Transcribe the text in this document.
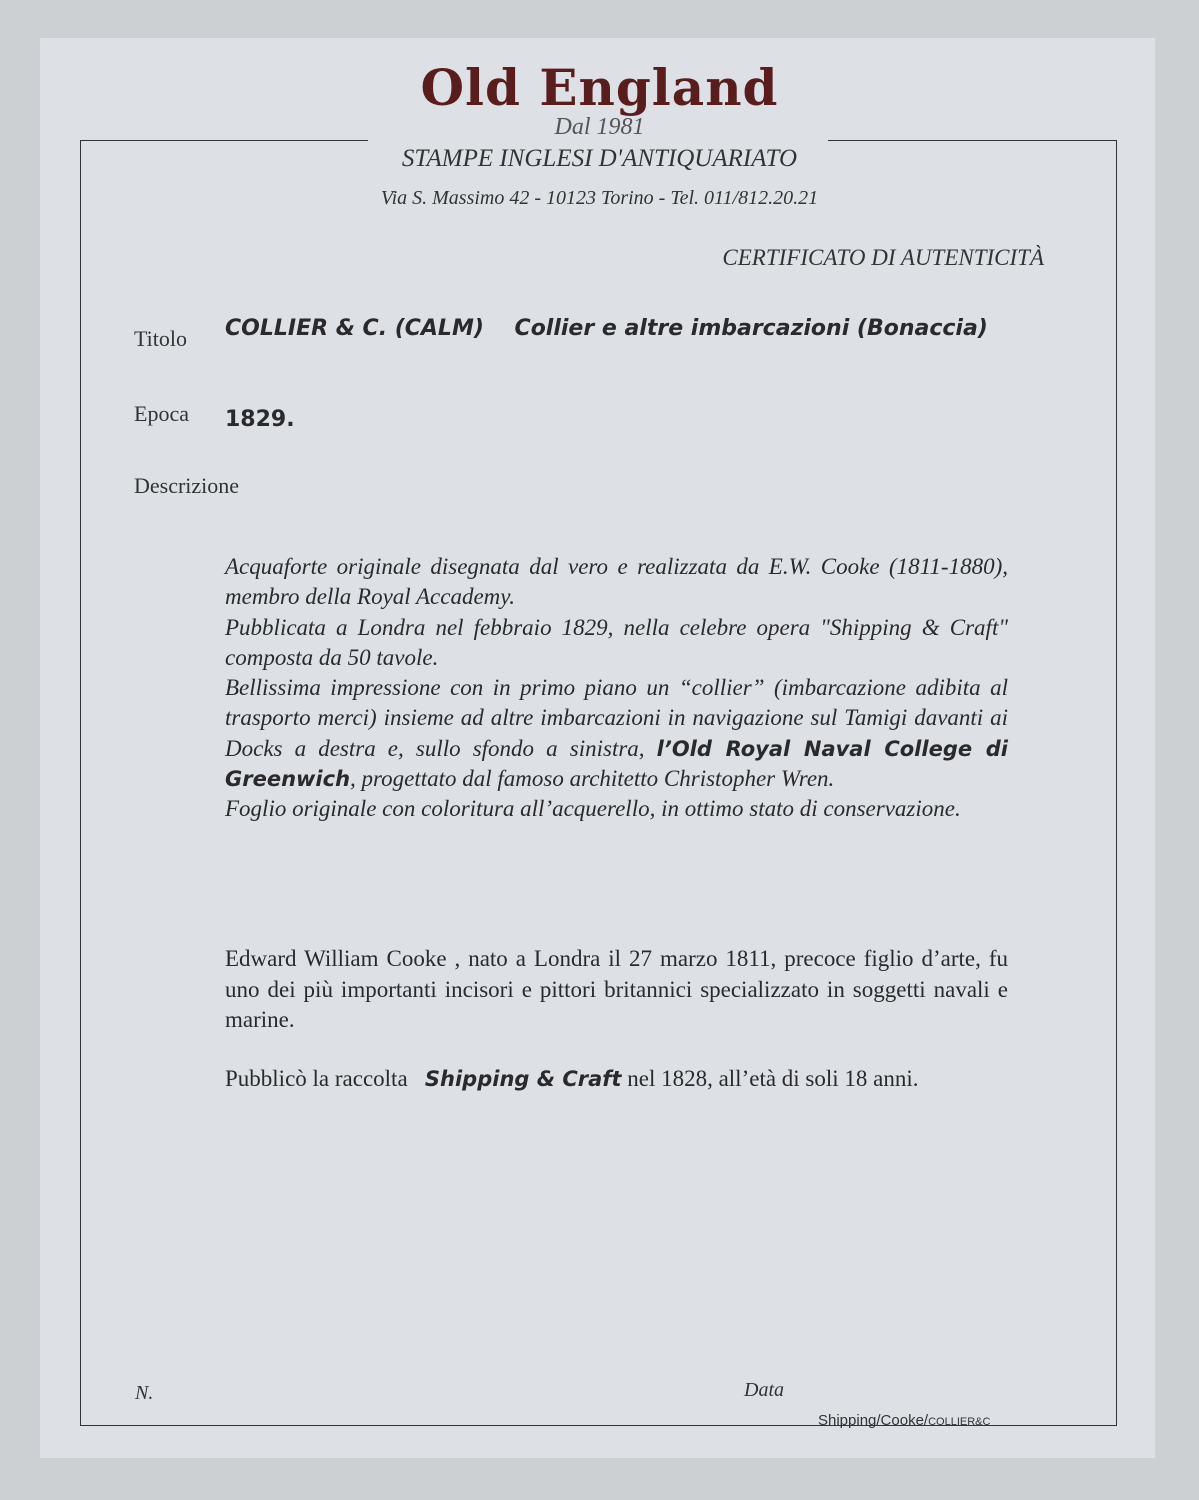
Old England
Dal 1981
STAMPE INGLESI D'ANTIQUARIATO
Via S. Massimo 42 - 10123 Torino - Tel. 011/812.20.21
CERTIFICATO DI AUTENTICITÀ
Titolo COLLIER & C. (CALM) Collier e altre imbarcazioni (Bonaccia)
Epoca 1829.
Descrizione

Acquaforte originale disegnata dal vero e realizzata da E.W. Cooke (1811-1880), membro della Royal Accademy.

Pubblicata a Londra nel febbraio 1829, nella celebre opera "Shipping & Craft" composta da 50 tavole.

Bellissima impressione con in primo piano un “collier” (imbarcazione adibita al trasporto merci) insieme ad altre imbarcazioni in navigazione sul Tamigi davanti ai Docks a destra e, sullo sfondo a sinistra, l’Old Royal Naval College di Greenwich, progettato dal famoso architetto Christopher Wren.

Foglio originale con coloritura all’acquerello, in ottimo stato di conservazione.

Edward William Cooke , nato a Londra il 27 marzo 1811, precoce figlio d’arte, fu uno dei più importanti incisori e pittori britannici specializzato in soggetti navali e marine.

Pubblicò la raccolta Shipping & Craft nel 1828, all’età di soli 18 anni.

N.	Data
Shipping/Cooke/COLLIER&C
